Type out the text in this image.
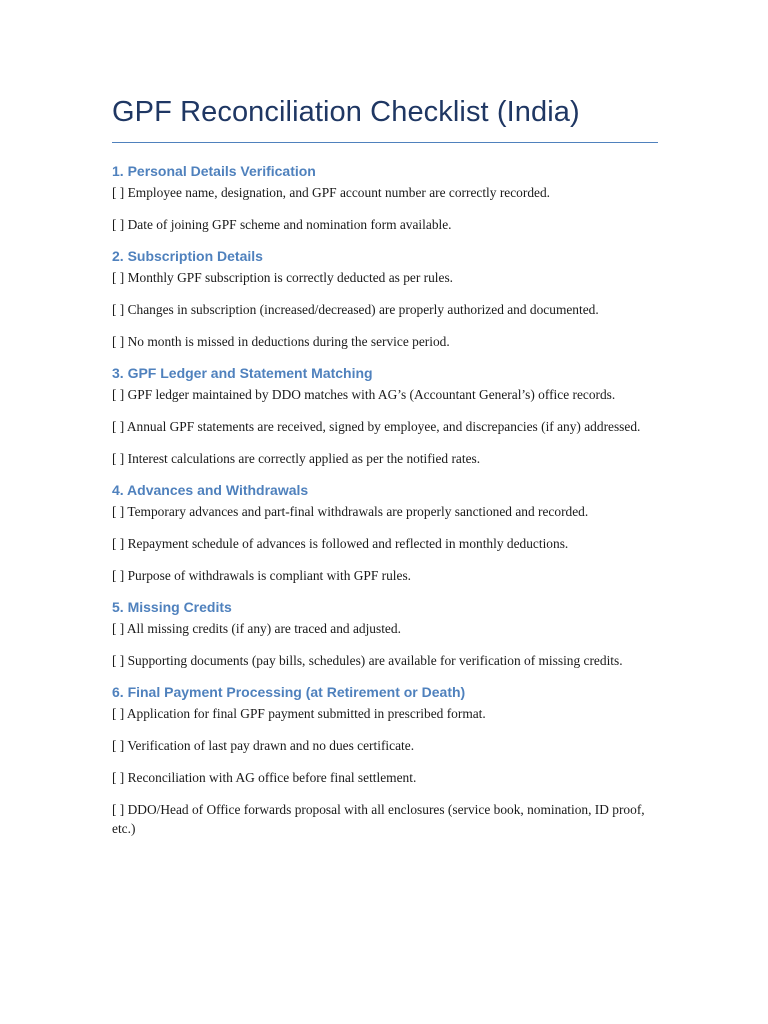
GPF Reconciliation Checklist (India)
1. Personal Details Verification

[ ] Employee name, designation, and GPF account number are correctly recorded.

[ ] Date of joining GPF scheme and nomination form available.

2. Subscription Details

[ ] Monthly GPF subscription is correctly deducted as per rules.

[ ] Changes in subscription (increased/decreased) are properly authorized and documented.

[ ] No month is missed in deductions during the service period.

3. GPF Ledger and Statement Matching

[ ] GPF ledger maintained by DDO matches with AG’s (Accountant General’s) office records.

[ ] Annual GPF statements are received, signed by employee, and discrepancies (if any) addressed.

[ ] Interest calculations are correctly applied as per the notified rates.

4. Advances and Withdrawals

[ ] Temporary advances and part-final withdrawals are properly sanctioned and recorded.

[ ] Repayment schedule of advances is followed and reflected in monthly deductions.

[ ] Purpose of withdrawals is compliant with GPF rules.

5. Missing Credits

[ ] All missing credits (if any) are traced and adjusted.

[ ] Supporting documents (pay bills, schedules) are available for verification of missing credits.

6. Final Payment Processing (at Retirement or Death)

[ ] Application for final GPF payment submitted in prescribed format.

[ ] Verification of last pay drawn and no dues certificate.

[ ] Reconciliation with AG office before final settlement.

[ ] DDO/Head of Office forwards proposal with all enclosures (service book, nomination, ID proof, etc.)
